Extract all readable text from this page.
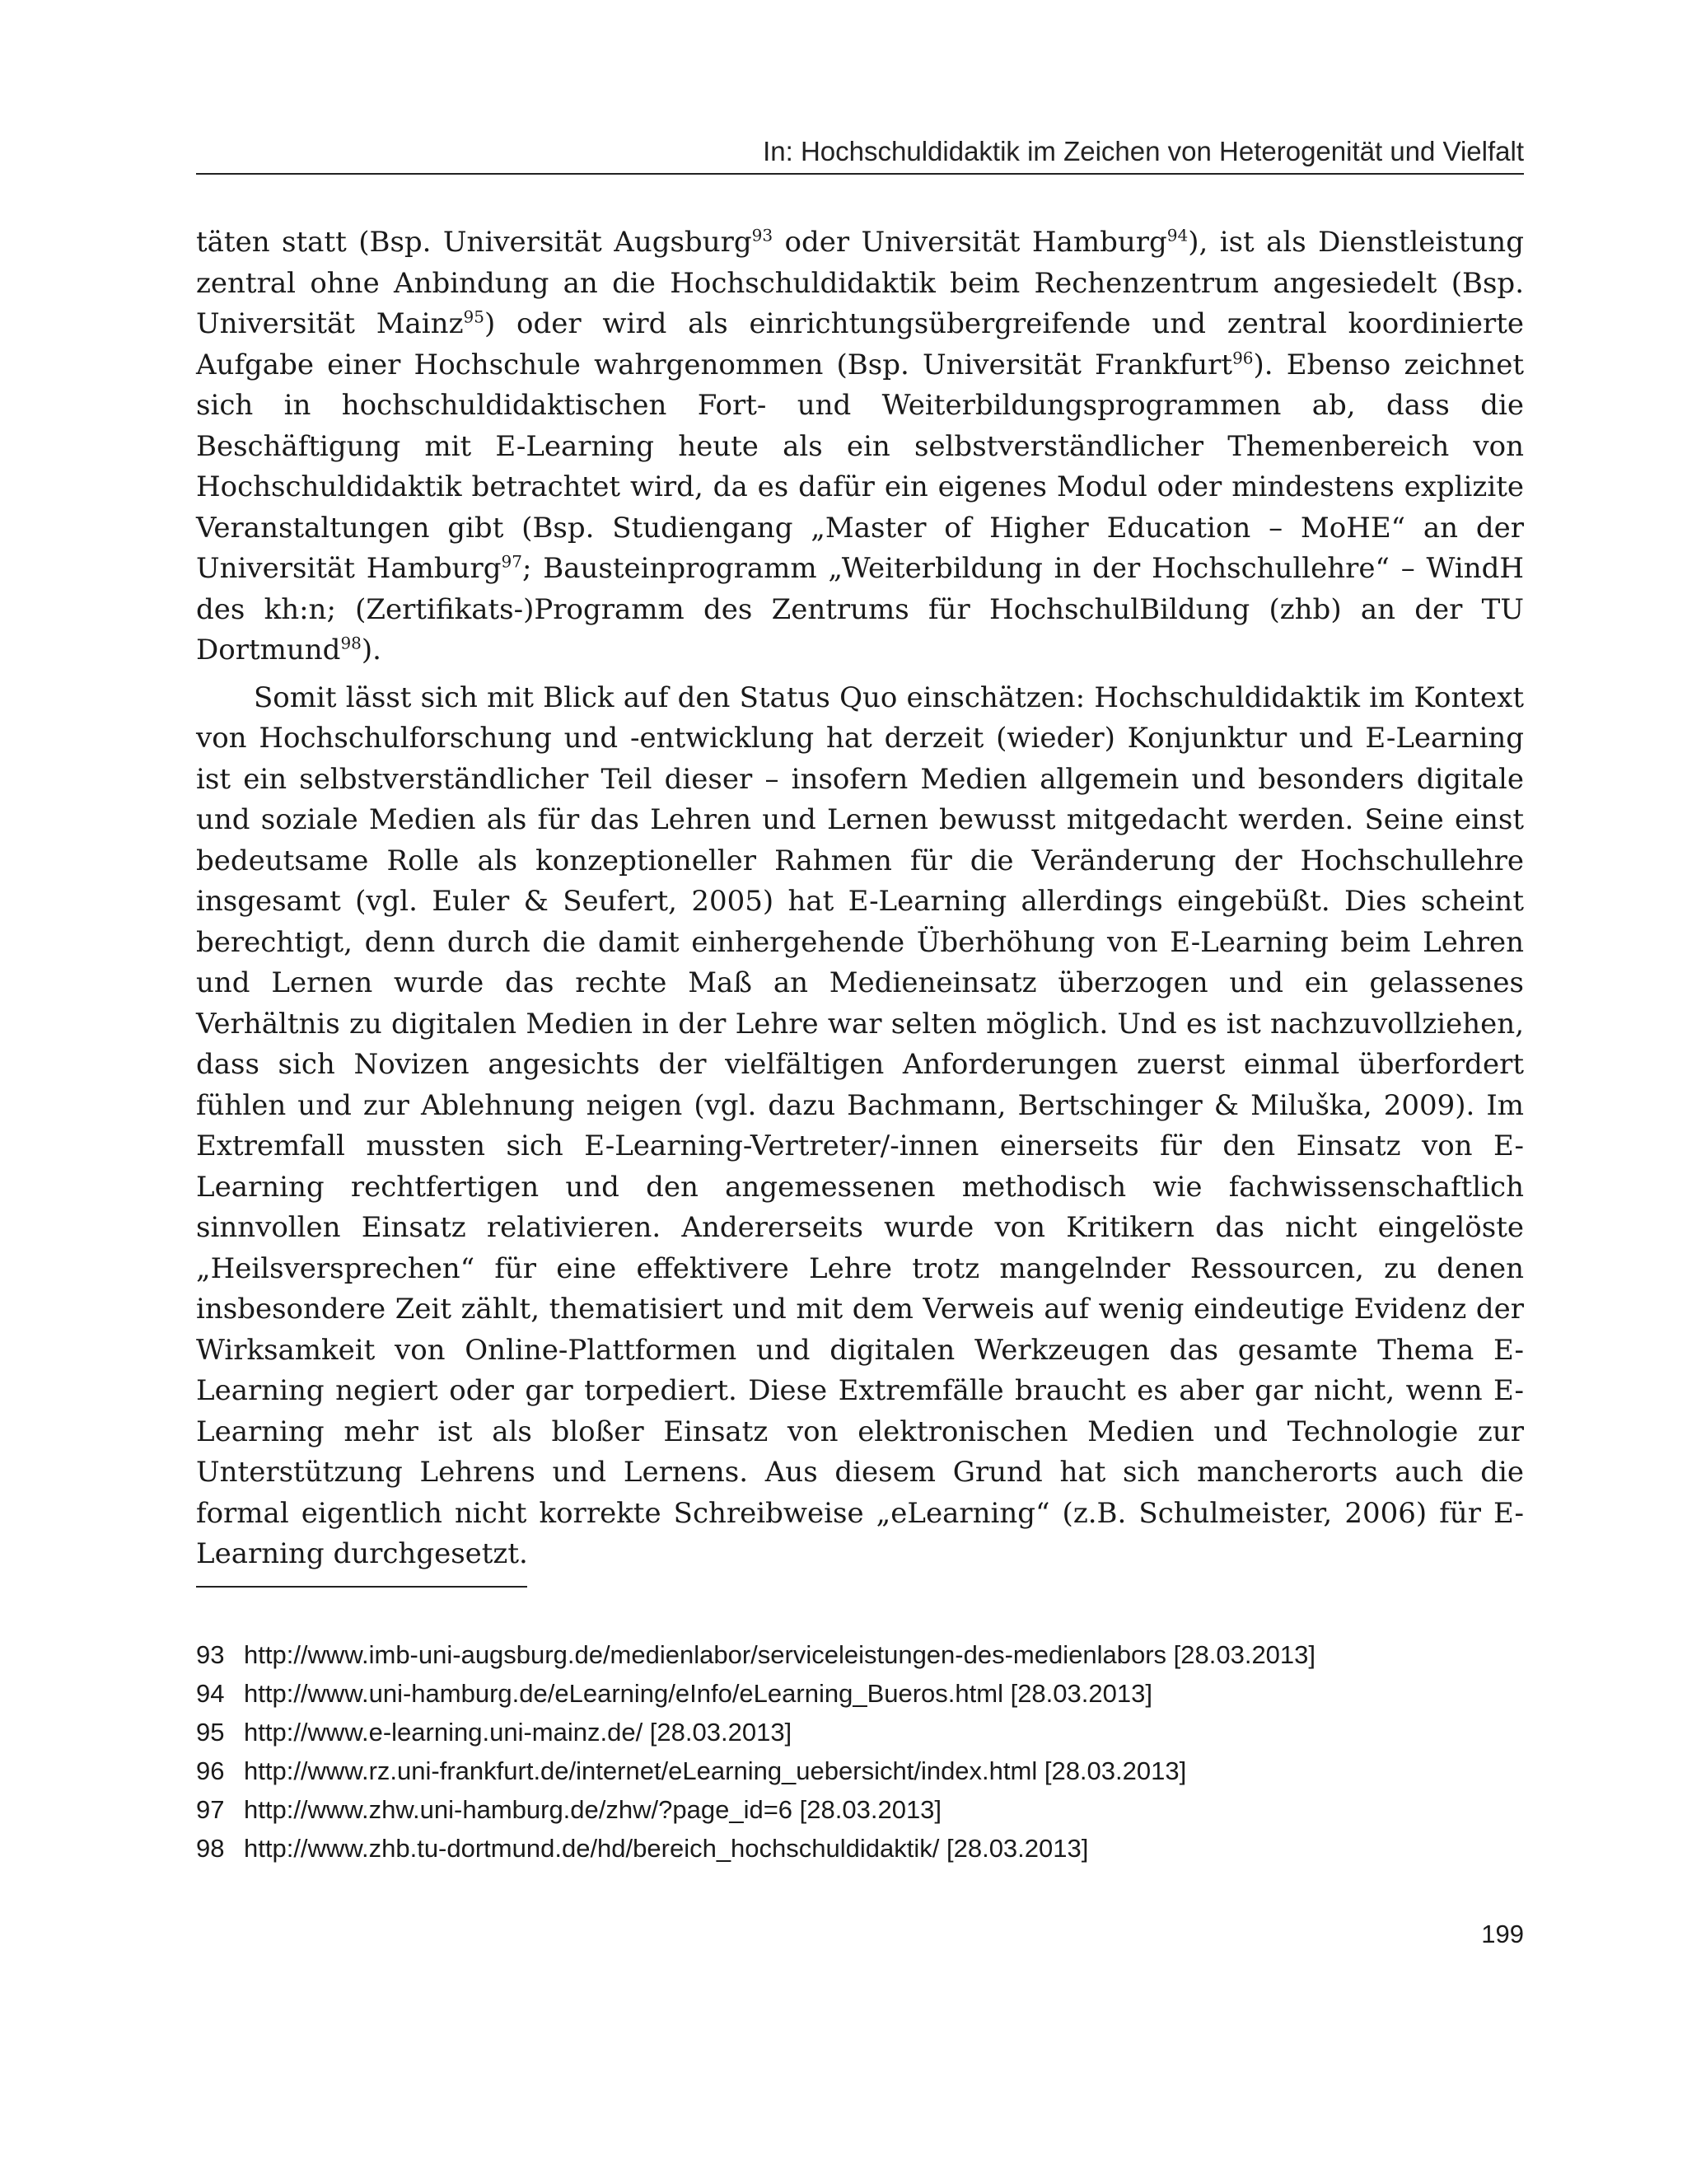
In: Hochschuldidaktik im Zeichen von Heterogenität und Vielfalt

täten statt (Bsp. Universität Augsburg$^{93}$ oder Universität Hamburg$^{94}$), ist als Dienstleistung zentral ohne Anbindung an die Hochschuldidaktik beim Rechenzentrum angesiedelt (Bsp. Universität Mainz$^{95}$) oder wird als einrichtungsübergreifende und zentral koordinierte Aufgabe einer Hochschule wahrgenommen (Bsp. Universität Frankfurt$^{96}$). Ebenso zeichnet sich in hochschuldidaktischen Fort- und Weiterbildungsprogrammen ab, dass die Beschäftigung mit E-Learning heute als ein selbstverständlicher Themenbereich von Hochschuldidaktik betrachtet wird, da es dafür ein eigenes Modul oder mindestens explizite Veranstaltungen gibt (Bsp. Studiengang „Master of Higher Education – MoHE“ an der Universität Hamburg$^{97}$; Bausteinprogramm „Weiterbildung in der Hochschullehre“ – WindH des kh:n; (Zertifikats-)Programm des Zentrums für HochschulBildung (zhb) an der TU Dortmund$^{98}$).

Somit lässt sich mit Blick auf den Status Quo einschätzen: Hochschuldidaktik im Kontext von Hochschulforschung und -entwicklung hat derzeit (wieder) Konjunktur und E-Learning ist ein selbstverständlicher Teil dieser – insofern Medien allgemein und besonders digitale und soziale Medien als für das Lehren und Lernen bewusst mitgedacht werden. Seine einst bedeutsame Rolle als konzeptioneller Rahmen für die Veränderung der Hochschullehre insgesamt (vgl. Euler & Seufert, 2005) hat E-Learning allerdings eingebüßt. Dies scheint berechtigt, denn durch die damit einhergehende Überhöhung von E-Learning beim Lehren und Lernen wurde das rechte Maß an Medieneinsatz überzogen und ein gelassenes Verhältnis zu digitalen Medien in der Lehre war selten möglich. Und es ist nachzuvollziehen, dass sich Novizen angesichts der vielfältigen Anforderungen zuerst einmal überfordert fühlen und zur Ablehnung neigen (vgl. dazu Bachmann, Bertschinger & Miluška, 2009). Im Extremfall mussten sich E-Learning-Vertreter/-innen einerseits für den Einsatz von E-Learning rechtfertigen und den angemessenen methodisch wie fachwissenschaftlich sinnvollen Einsatz relativieren. Andererseits wurde von Kritikern das nicht eingelöste „Heilsversprechen“ für eine effektivere Lehre trotz mangelnder Ressourcen, zu denen insbesondere Zeit zählt, thematisiert und mit dem Verweis auf wenig eindeutige Evidenz der Wirksamkeit von Online-Plattformen und digitalen Werkzeugen das gesamte Thema E-Learning negiert oder gar torpediert. Diese Extremfälle braucht es aber gar nicht, wenn E-Learning mehr ist als bloßer Einsatz von elektronischen Medien und Technologie zur Unterstützung Lehrens und Lernens. Aus diesem Grund hat sich mancherorts auch die formal eigentlich nicht korrekte Schreibweise „eLearning“ (z.B. Schulmeister, 2006) für E-Learning durchgesetzt.

93 http://www.imb-uni-augsburg.de/medienlabor/serviceleistungen-des-medienlabors [28.03.2013]
94 http://www.uni-hamburg.de/eLearning/eInfo/eLearning_Bueros.html [28.03.2013]
95 http://www.e-learning.uni-mainz.de/ [28.03.2013]
96 http://www.rz.uni-frankfurt.de/internet/eLearning_uebersicht/index.html [28.03.2013]
97 http://www.zhw.uni-hamburg.de/zhw/?page_id=6 [28.03.2013]
98 http://www.zhb.tu-dortmund.de/hd/bereich_hochschuldidaktik/ [28.03.2013]
199
